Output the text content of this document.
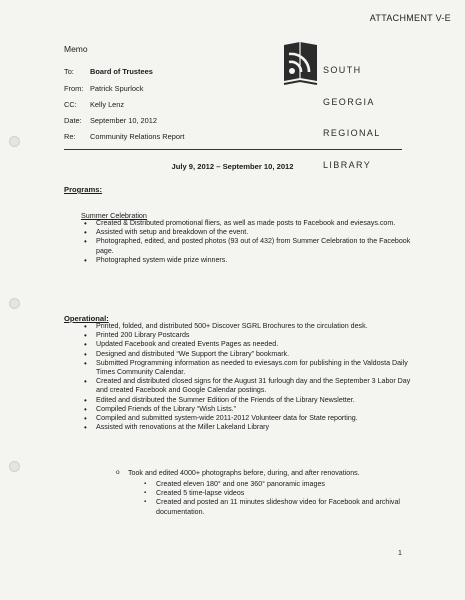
ATTACHMENT V-E
Memo
To:	Board of Trustees
From: Patrick Spurlock
CC:	Kelly Lenz
Date:	September 10, 2012
Re:	Community Relations Report

SOUTH

GEORGIA

REGIONAL

LIBRARY

July 9, 2012 – September 10, 2012
Programs:
Summer Celebration
• Created & Distributed promotional fliers, as well as made posts to Facebook and eviesays.com.
• Assisted with setup and breakdown of the event.
• Photographed, edited, and posted photos (93 out of 432) from Summer Celebration to the Facebook page.
• Photographed system wide prize winners.
Operational:
• Printed, folded, and distributed 500+ Discover SGRL Brochures to the circulation desk.
• Printed 200 Library Postcards
• Updated Facebook and created Events Pages as needed.
• Designed and distributed “We Support the Library” bookmark.
• Submitted Programming information as needed to eviesays.com for publishing in the Valdosta Daily Times Community Calendar.
• Created and distributed closed signs for the August 31 furlough day and the September 3 Labor Day and created Facebook and Google Calendar postings.
• Edited and distributed the Summer Edition of the Friends of the Library Newsletter.
• Compiled Friends of the Library “Wish Lists.”
• Compiled and submitted system-wide 2011-2012 Volunteer data for State reporting.
• Assisted with renovations at the Miller Lakeland Library
o Took and edited 4000+ photographs before, during, and after renovations.
▪ Created eleven 180° and one 360° panoramic images
▪ Created 5 time-lapse videos
▪ Created and posted an 11 minutes slideshow video for Facebook and archival documentation.
1
